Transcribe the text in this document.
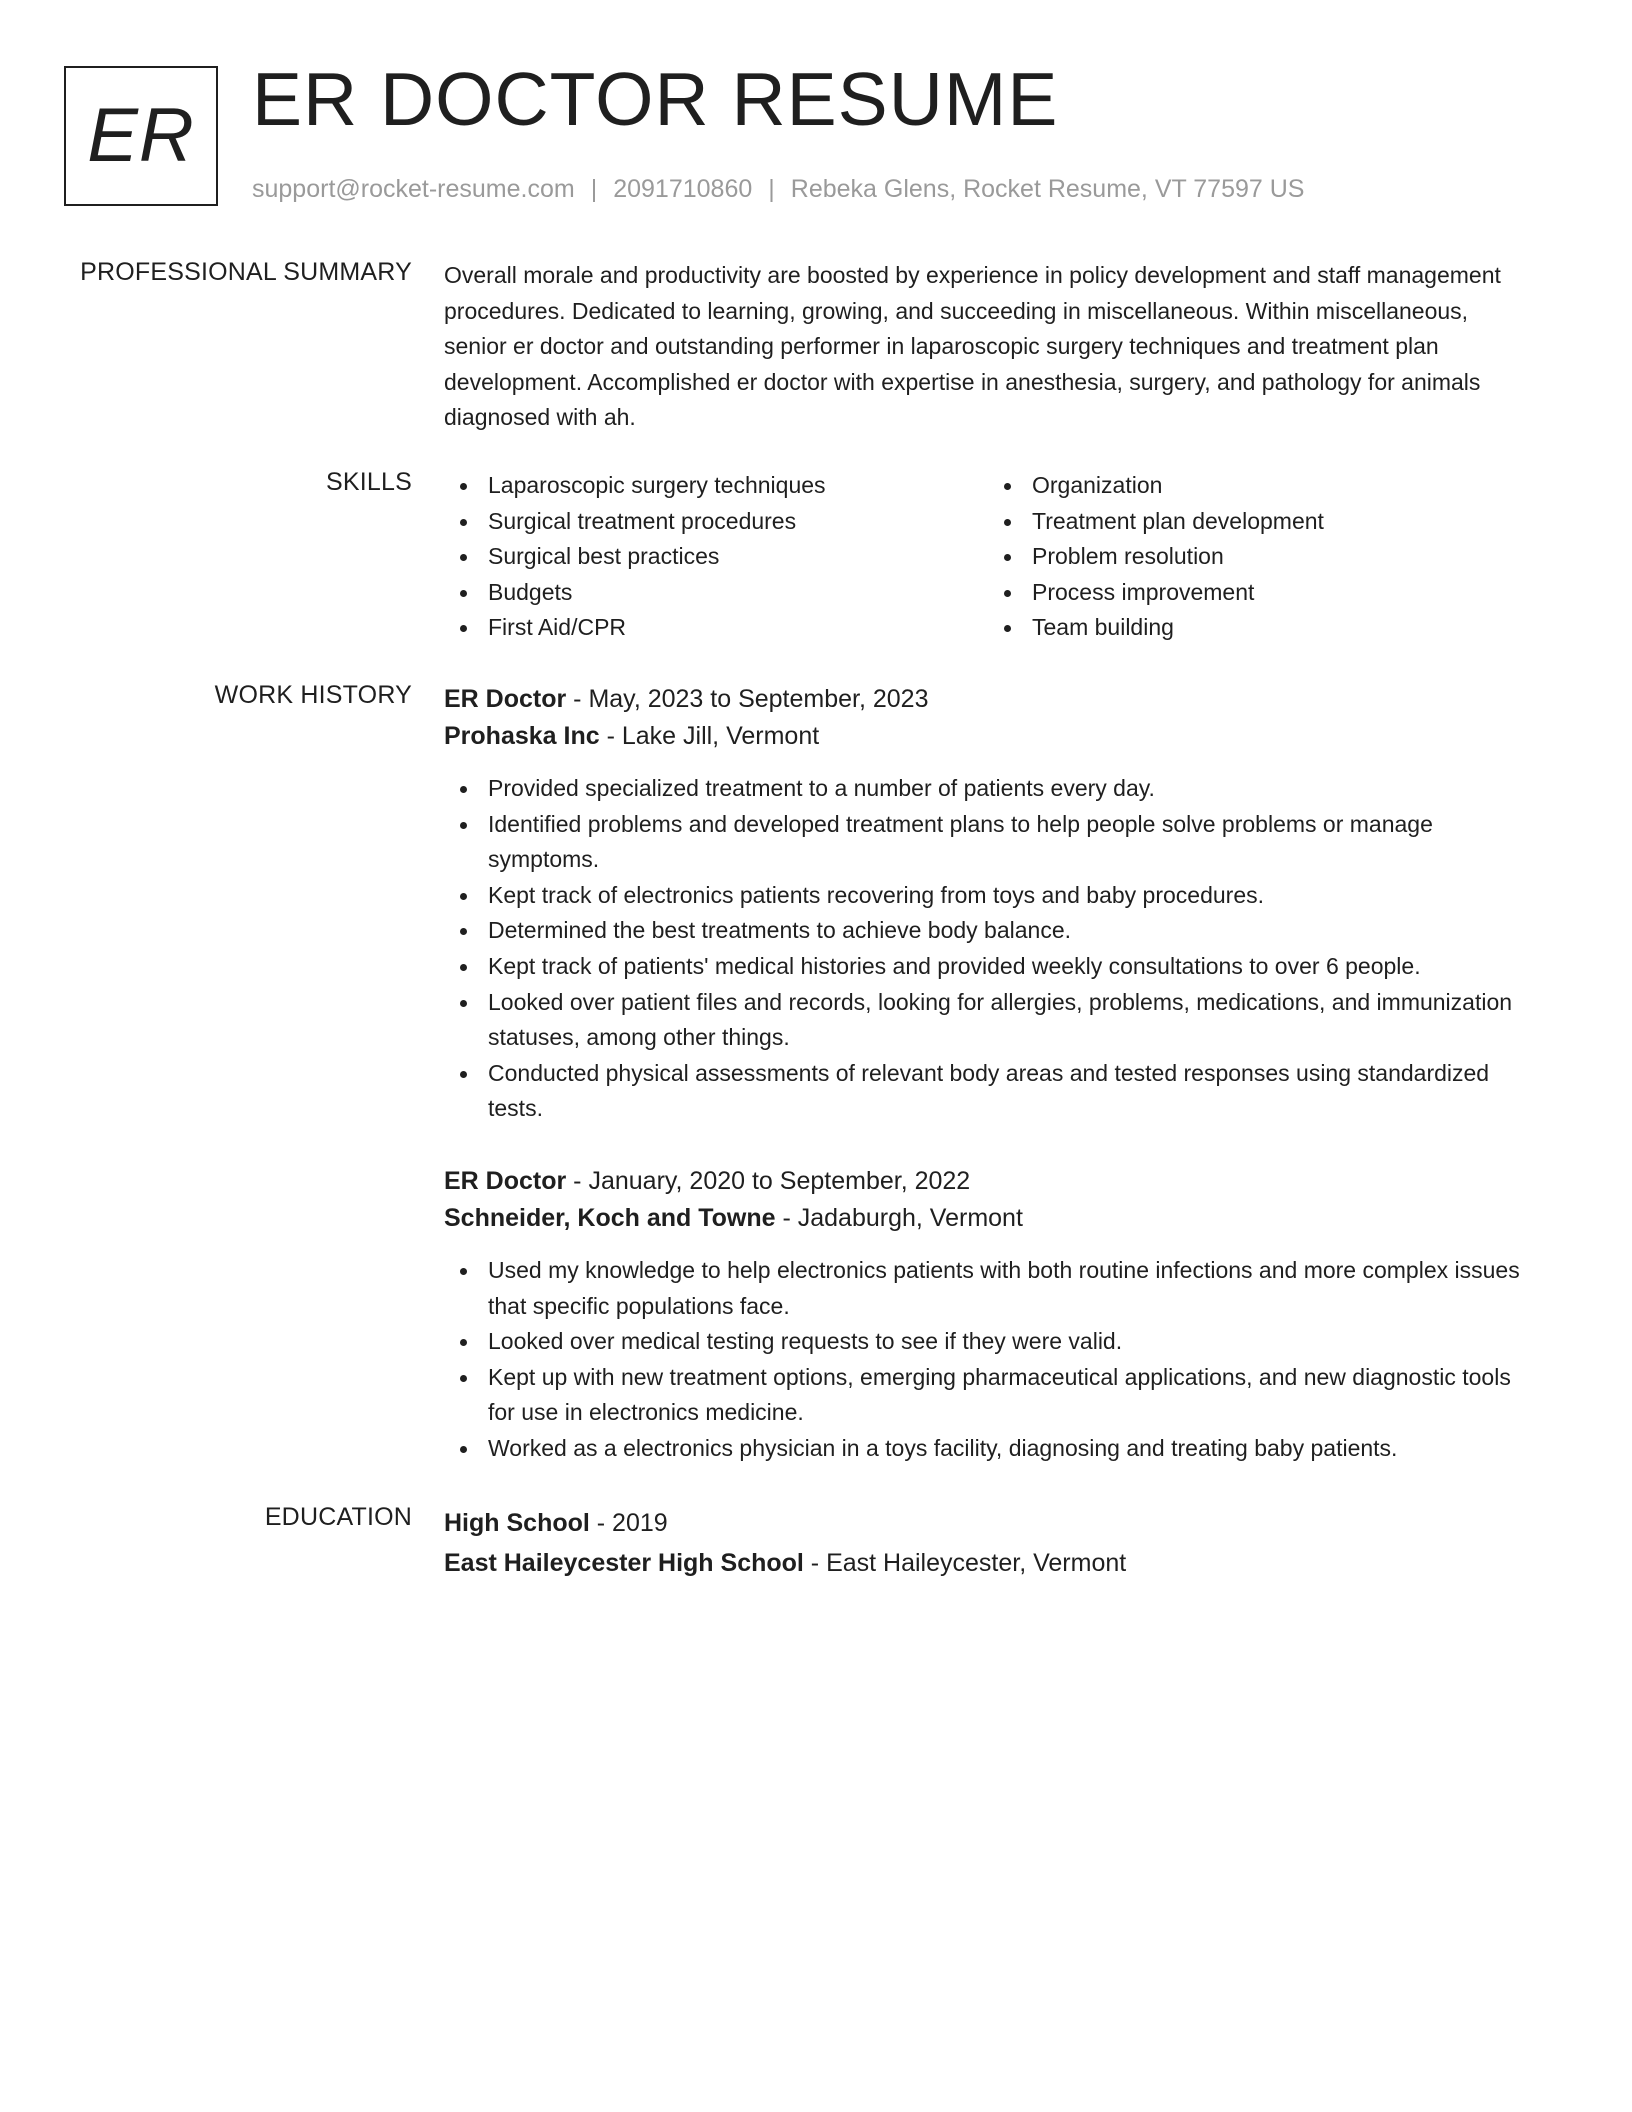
ER ER DOCTOR RESUME
support@rocket-resume.com | 2091710860 | Rebeka Glens, Rocket Resume, VT 77597 US
PROFESSIONAL SUMMARY Overall morale and productivity are boosted by experience in policy development and staff management procedures. Dedicated to learning, growing, and succeeding in miscellaneous. Within miscellaneous, senior er doctor and outstanding performer in laparoscopic surgery techniques and treatment plan development. Accomplished er doctor with expertise in anesthesia, surgery, and pathology for animals diagnosed with ah.

SKILLS	Laparoscopic surgery techniques
Surgical treatment procedures
Surgical best practices
Budgets
First Aid/CPR
Organization
Treatment plan development
Problem resolution
Process improvement
Team building
WORK HISTORY ER Doctor - May, 2023 to September, 2023

Prohaska Inc - Lake Jill, Vermont

Provided specialized treatment to a number of patients every day.
Identified problems and developed treatment plans to help people solve problems or manage symptoms.
Kept track of electronics patients recovering from toys and baby procedures.
Determined the best treatments to achieve body balance.
Kept track of patients' medical histories and provided weekly consultations to over 6 people.
Looked over patient files and records, looking for allergies, problems, medications, and immunization statuses, among other things.
Conducted physical assessments of relevant body areas and tested responses using standardized tests.

ER Doctor - January, 2020 to September, 2022

Schneider, Koch and Towne - Jadaburgh, Vermont

Used my knowledge to help electronics patients with both routine infections and more complex issues that specific populations face.
Looked over medical testing requests to see if they were valid.
Kept up with new treatment options, emerging pharmaceutical applications, and new diagnostic tools for use in electronics medicine.
Worked as a electronics physician in a toys facility, diagnosing and treating baby patients.
EDUCATION High School - 2019

East Haileycester High School - East Haileycester, Vermont
